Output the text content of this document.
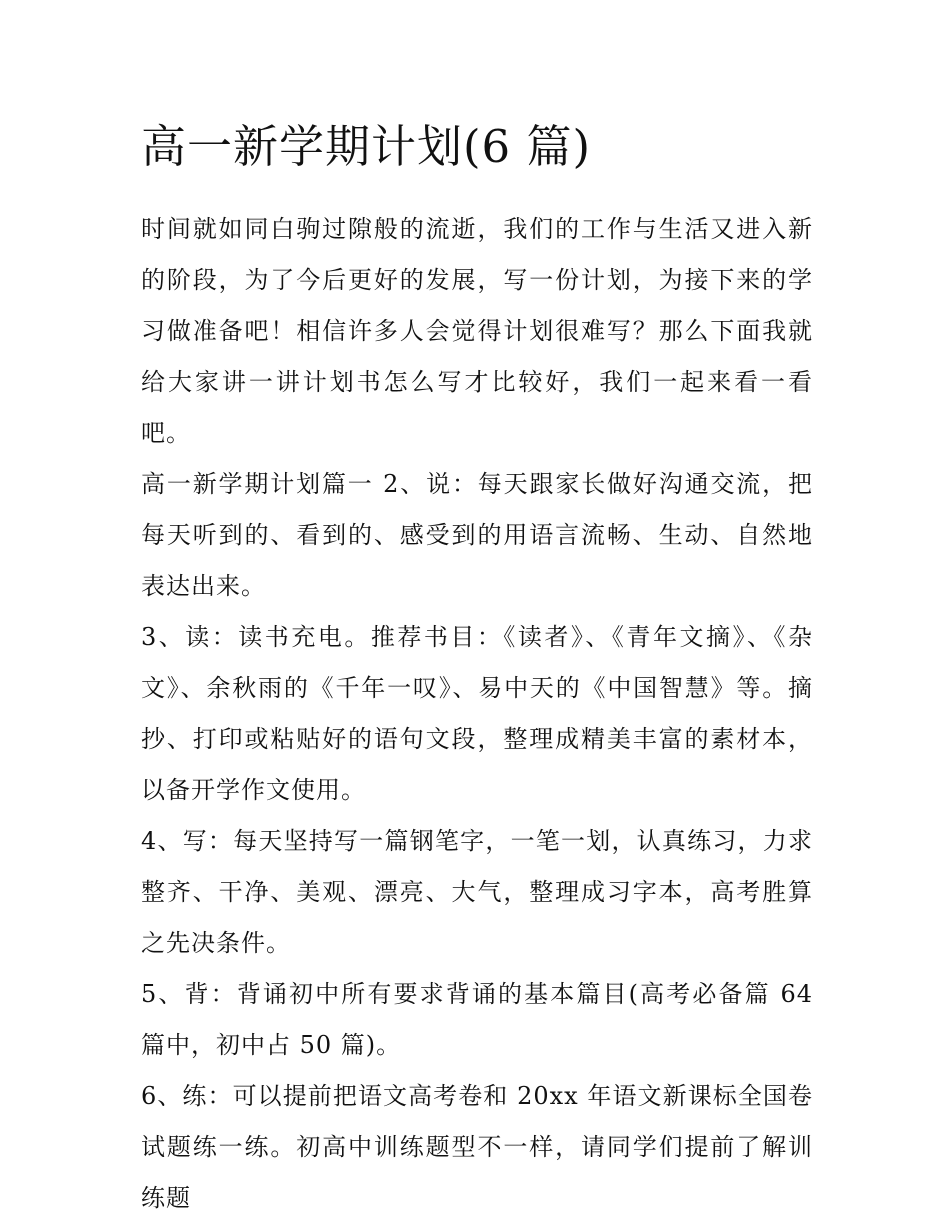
高一新学期计划(6 篇)

时间就如同白驹过隙般的流逝，我们的工作与生活又进入新的阶段，为了今后更好的发展，写一份计划，为接下来的学习做准备吧！相信许多人会觉得计划很难写？那么下面我就给大家讲一讲计划书怎么写才比较好，我们一起来看一看吧。

高一新学期计划篇一 2、说：每天跟家长做好沟通交流，把每天听到的、看到的、感受到的用语言流畅、生动、自然地表达出来。

3、读：读书充电。推荐书目：《读者》、《青年文摘》、《杂文》、余秋雨的《千年一叹》、易中天的《中国智慧》等。摘抄、打印或粘贴好的语句文段，整理成精美丰富的素材本，以备开学作文使用。

4、写：每天坚持写一篇钢笔字，一笔一划，认真练习，力求整齐、干净、美观、漂亮、大气，整理成习字本，高考胜算之先决条件。

5、背：背诵初中所有要求背诵的基本篇目(高考必备篇 64 篇中，初中占 50 篇)。

6、练：可以提前把语文高考卷和 20xx 年语文新课标全国卷试题练一练。初高中训练题型不一样，请同学们提前了解训练题
